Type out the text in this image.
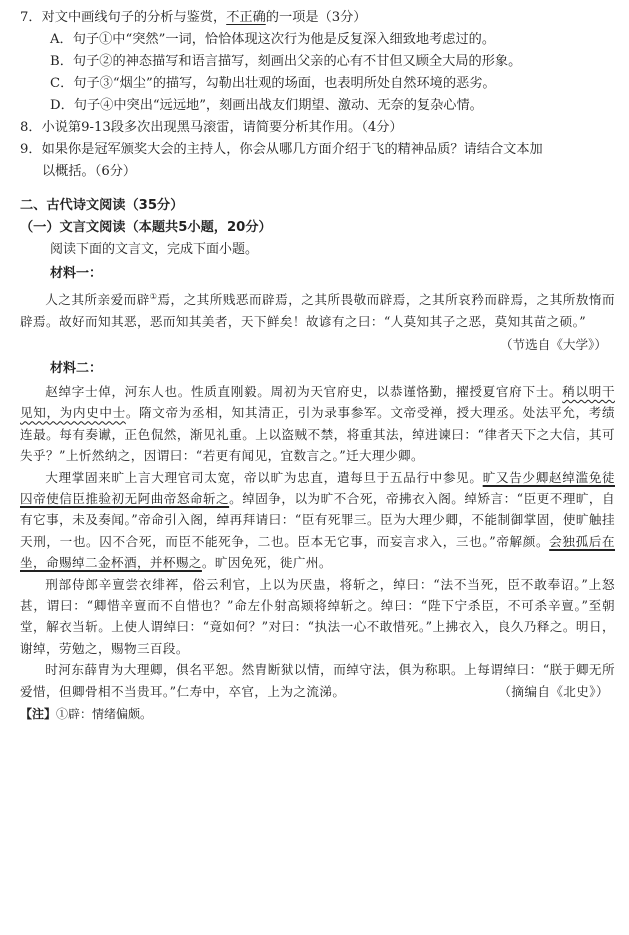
7．对文中画线句子的分析与鉴赏，不正确的一项是（3分）
A．句子①中“突然”一词，恰恰体现这次行为他是反复深入细致地考虑过的。
B．句子②的神态描写和语言描写，刻画出父亲的心有不甘但又顾全大局的形象。
C．句子③“烟尘”的描写，勾勒出壮观的场面，也表明所处自然环境的恶劣。
D．句子④中突出“远远地”，刻画出战友们期望、激动、无奈的复杂心情。
8．小说第9-13段多次出现黑马滚雷，请简要分析其作用。（4分）
9．如果你是冠军颁奖大会的主持人，你会从哪几方面介绍于飞的精神品质？请结合文本加
以概括。（6分）
二、古代诗文阅读（35分）
（一）文言文阅读（本题共5小题，20分）
阅读下面的文言文，完成下面小题。
材料一：

人之其所亲爱而辟①焉，之其所贱恶而辟焉，之其所畏敬而辟焉，之其所哀矜而辟焉，之其所敖惰而辟焉。故好而知其恶，恶而知其美者，天下鲜矣！故谚有之曰：“人莫知其子之恶，莫知其苗之硕。”

（节选自《大学》）
材料二：

赵绰字士倬，河东人也。性质直刚毅。周初为天官府史，以恭谨恪勤，擢授夏官府下士。稍以明干见知，为内史中士。隋文帝为丞相，知其清正，引为录事参军。文帝受禅，授大理丞。处法平允，考绩连最。每有奏谳，正色侃然，渐见礼重。上以盗贼不禁，将重其法，绰进谏曰：“律者天下之大信，其可失乎？”上忻然纳之，因谓曰：“若更有闻见，宜数言之。”迁大理少卿。

大理掌固来旷上言大理官司太宽，帝以旷为忠直，遣每旦于五品行中参见。旷又告少卿赵绰滥免徒囚帝使信臣推验初无阿曲帝怒命斩之。绰固争，以为旷不合死，帝拂衣入阁。绰矫言：“臣更不理旷，自有它事，未及奏闻。”帝命引入阁，绰再拜请曰：“臣有死罪三。臣为大理少卿，不能制御掌固，使旷触挂天刑，一也。囚不合死，而臣不能死争，二也。臣本无它事，而妄言求入，三也。”帝解颜。会独孤后在坐，命赐绰二金杯酒，并杯赐之。旷因免死，徙广州。

刑部侍郎辛亶尝衣绯裈，俗云利官，上以为厌蛊，将斩之，绰曰：“法不当死，臣不敢奉诏。”上怒甚，谓曰：“卿惜辛亶而不自惜也？”命左仆射高颎将绰斩之。绰曰：“陛下宁杀臣，不可杀辛亶。”至朝堂，解衣当斩。上使人谓绰曰：“竟如何？”对曰：“执法一心不敢惜死。”上拂衣入，良久乃释之。明日，谢绰，劳勉之，赐物三百段。

时河东薛胄为大理卿，俱名平恕。然胄断狱以情，而绰守法，俱为称职。上每谓绰曰：“朕于卿无所爱惜，但卿骨相不当贵耳。”仁寿中，卒官，上为之流涕。	（摘编自《北史》）

【注】①辟：情绪偏颇。
